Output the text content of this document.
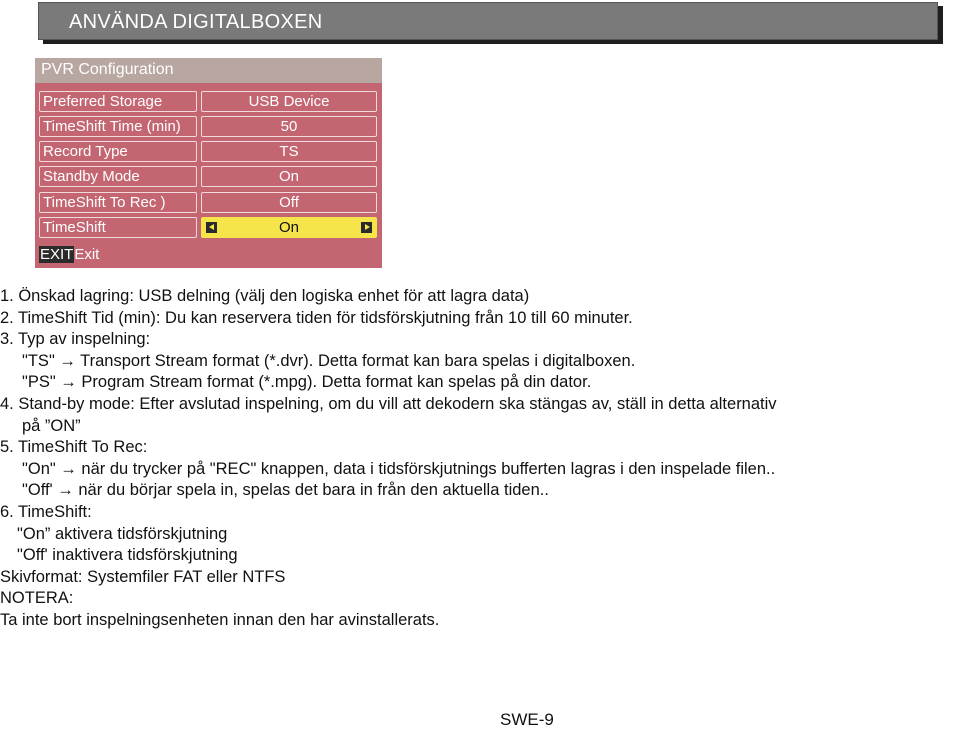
ANVÄNDA DIGITALBOXEN
PVR Configuration
Preferred Storage	USB Device
TimeShift Time (min)	50
Record Type	TS
Standby Mode	On
TimeShift To Rec )	Off
TimeShift	On
EXITExit
1. Önskad lagring: USB delning (välj den logiska enhet för att lagra data)
2. TimeShift Tid (min): Du kan reservera tiden för tidsförskjutning från 10 till 60 minuter.
3. Typ av inspelning:
"TS" → Transport Stream format (*.dvr). Detta format kan bara spelas i digitalboxen.
"PS" → Program Stream format (*.mpg). Detta format kan spelas på din dator.
4. Stand-by mode: Efter avslutad inspelning, om du vill att dekodern ska stängas av, ställ in detta alternativ
på ”ON”
5. TimeShift To Rec:
"On" → när du trycker på "REC" knappen, data i tidsförskjutnings bufferten lagras i den inspelade filen..
"Off' → när du börjar spela in, spelas det bara in från den aktuella tiden..
6. TimeShift:
"On” aktivera tidsförskjutning
"Off' inaktivera tidsförskjutning
Skivformat: Systemfiler FAT eller NTFS
NOTERA:
Ta inte bort inspelningsenheten innan den har avinstallerats.
SWE-9
